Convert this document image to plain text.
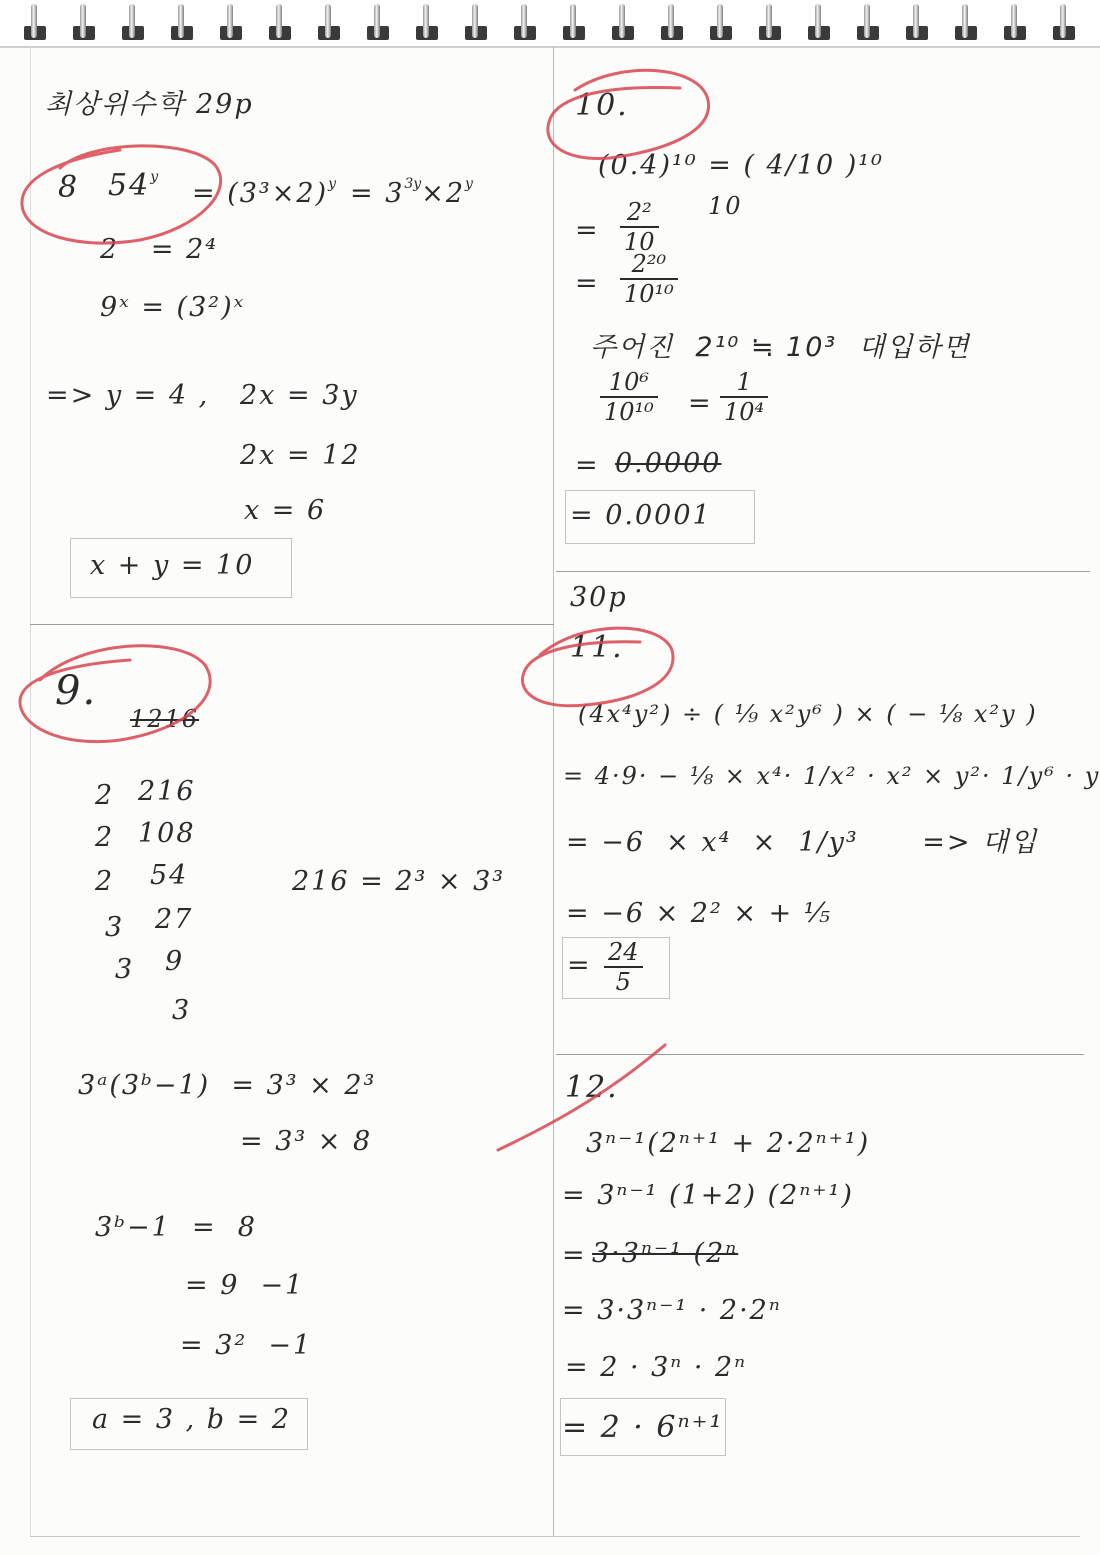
최상위수학 29p
8 $54^y$
= $(3^3\times 2)^y = 3^{3y}\times 2^y$
2   = 2⁴
9ˣ = (3²)ˣ
=> y = 4 , 2x = 3y
2x = 12
x = 6
x + y = 10
9.
1216
2 216
2 108
2 54
3 27
3 9
3
216 = 2³ × 3³
3ᵃ(3ᵇ−1)  = 3³ × 2³
= 3³ × 8
3ᵇ−1  =  8
= 9  −1
= 3²  −1
a = 3 , b = 2
10.
(0.4)¹⁰ = ( 4/10 )¹⁰
=
2²
10
10
=
2²⁰
10¹⁰
주어진  2¹⁰ ≒ 10³  대입하면
10⁶
10¹⁰ =
1
10⁴
= 0.0000
= 0.0001
30p
11.
(4x⁴y²) ÷ ( ⅑ x²y⁶ ) × ( − ⅛ x²y )
= 4·9· − ⅛ × x⁴· 1/x² · x² × y²· 1/y⁶ · y
= −6  × x⁴  ×  1/y³      => 대입
= −6 × 2² × + ⅕
= 24
5
12.
3ⁿ⁻¹(2ⁿ⁺¹ + 2·2ⁿ⁺¹)
= 3ⁿ⁻¹ (1+2) (2ⁿ⁺¹)
= 3·3ⁿ⁻¹ (2ⁿ
= 3·3ⁿ⁻¹ · 2·2ⁿ
= 2 · 3ⁿ · 2ⁿ
= 2 · 6ⁿ⁺¹
